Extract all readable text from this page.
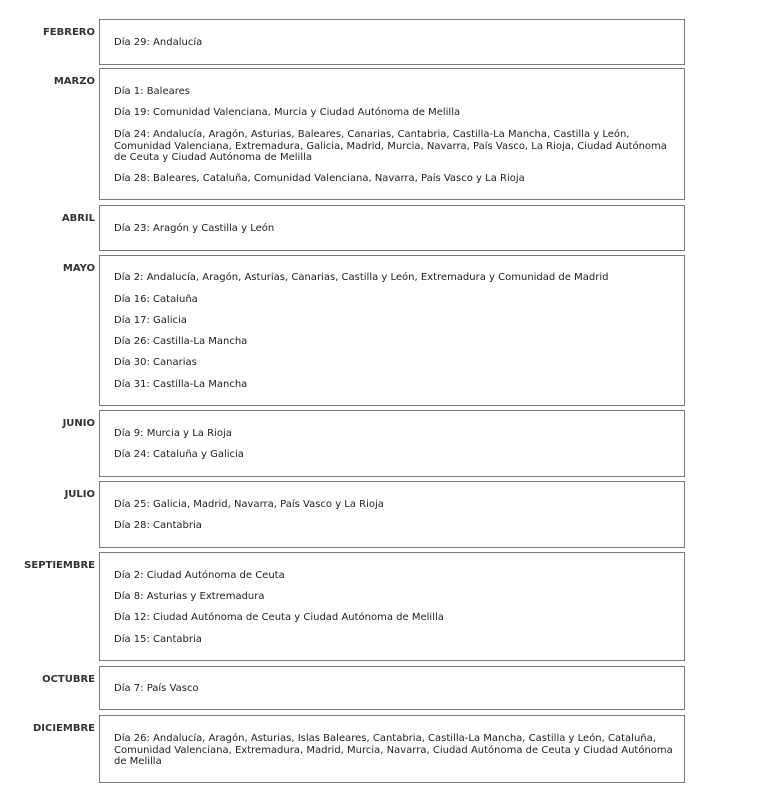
FEBRERO
Día 29: Andalucía
MARZO
Día 1: Baleares
Día 19: Comunidad Valenciana, Murcia y Ciudad Autónoma de Melilla
Día 24: Andalucía, Aragón, Asturias, Baleares, Canarias, Cantabria, Castilla-La Mancha, Castilla y León, Comunidad Valenciana, Extremadura, Galicia, Madrid, Murcia, Navarra, País Vasco, La Rioja, Ciudad Autónoma de Ceuta y Ciudad Autónoma de Melilla
Día 28: Baleares, Cataluña, Comunidad Valenciana, Navarra, País Vasco y La Rioja
ABRIL
Día 23: Aragón y Castilla y León
MAYO
Día 2: Andalucía, Aragón, Asturias, Canarias, Castilla y León, Extremadura y Comunidad de Madrid
Día 16: Cataluña
Día 17: Galicia
Día 26: Castilla-La Mancha
Día 30: Canarias
Día 31: Castilla-La Mancha
JUNIO
Día 9: Murcia y La Rioja
Día 24: Cataluña y Galicia
JULIO
Día 25: Galicia, Madrid, Navarra, País Vasco y La Rioja
Día 28: Cantabria
SEPTIEMBRE
Día 2: Ciudad Autónoma de Ceuta
Día 8: Asturias y Extremadura
Día 12: Ciudad Autónoma de Ceuta y Ciudad Autónoma de Melilla
Día 15: Cantabria
OCTUBRE
Día 7: País Vasco
DICIEMBRE
Día 26: Andalucía, Aragón, Asturias, Islas Baleares, Cantabria, Castilla-La Mancha, Castilla y León, Cataluña, Comunidad Valenciana, Extremadura, Madrid, Murcia, Navarra, Ciudad Autónoma de Ceuta y Ciudad Autónoma de Melilla
